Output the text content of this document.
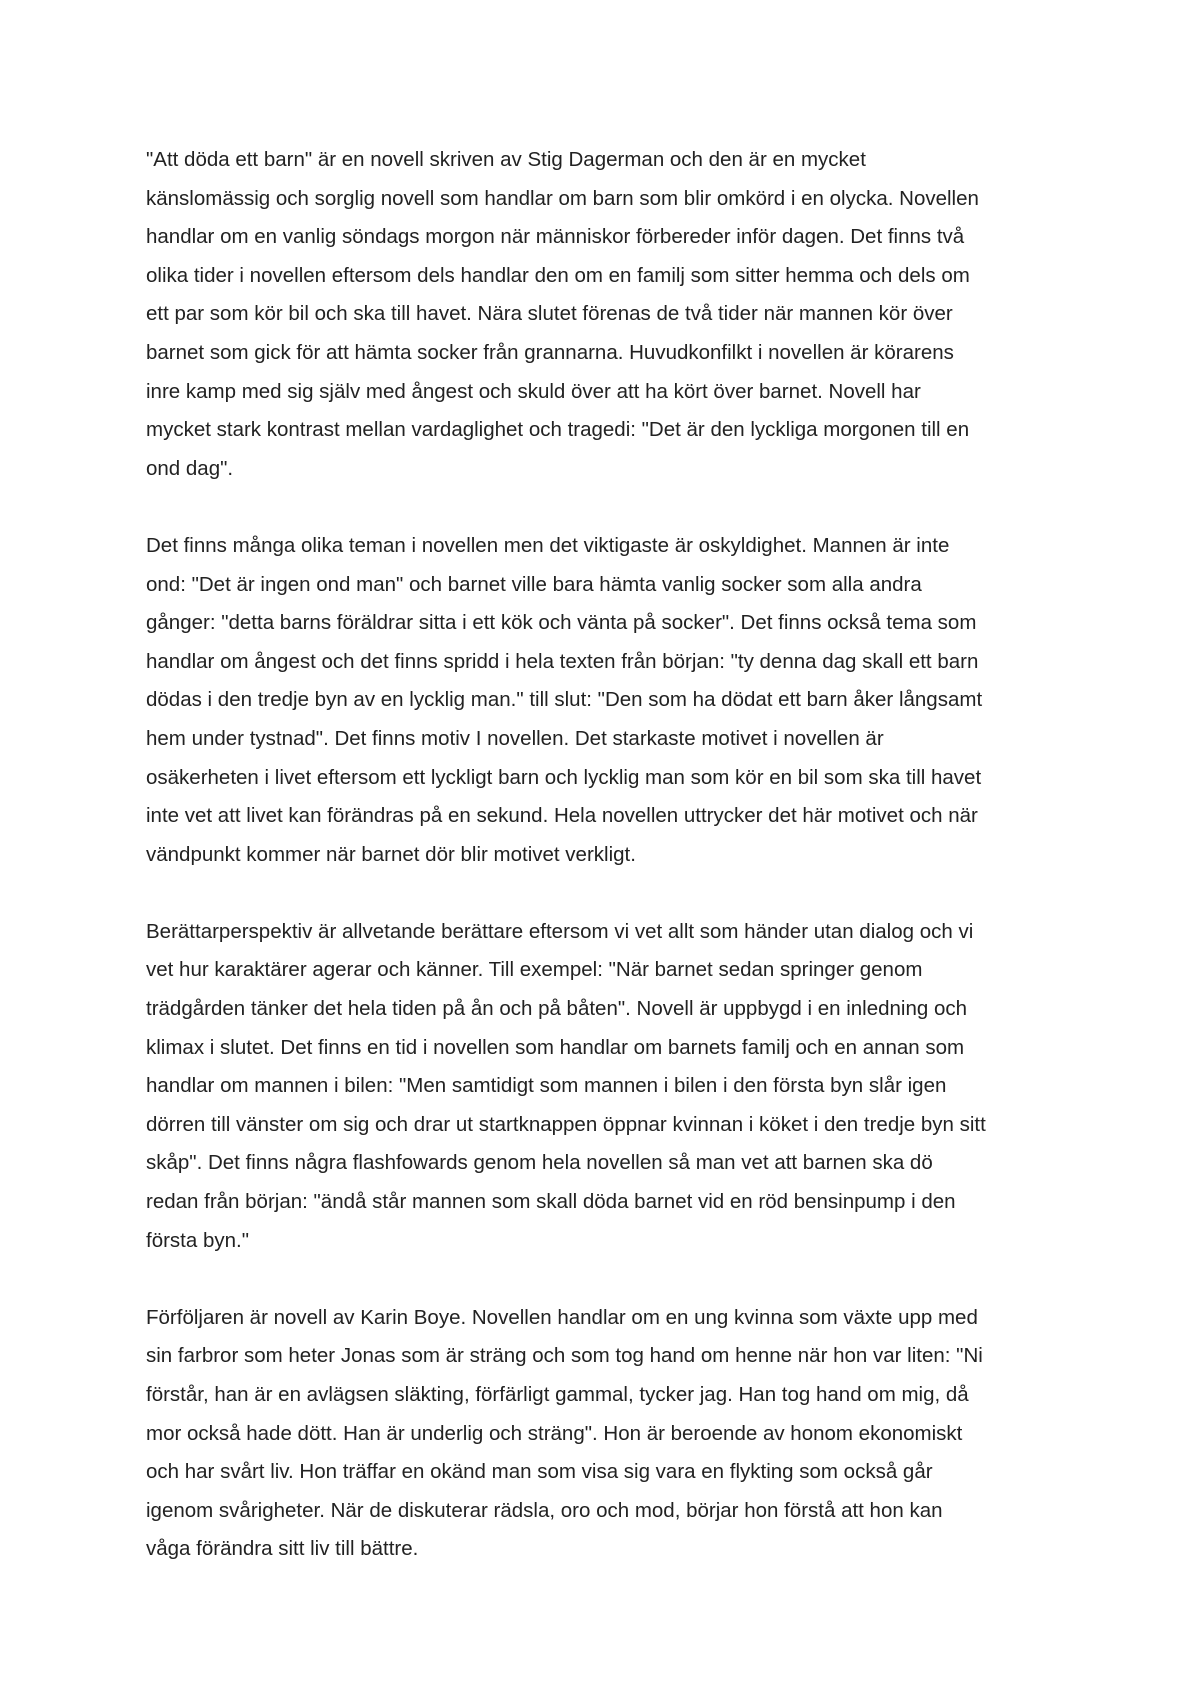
"Att döda ett barn" är en novell skriven av Stig Dagerman och den är en mycket
känslomässig och sorglig novell som handlar om barn som blir omkörd i en olycka. Novellen
handlar om en vanlig söndags morgon när människor förbereder inför dagen. Det finns två
olika tider i novellen eftersom dels handlar den om en familj som sitter hemma och dels om
ett par som kör bil och ska till havet. Nära slutet förenas de två tider när mannen kör över
barnet som gick för att hämta socker från grannarna. Huvudkonfilkt i novellen är körarens
inre kamp med sig själv med ångest och skuld över att ha kört över barnet. Novell har
mycket stark kontrast mellan vardaglighet och tragedi: "Det är den lyckliga morgonen till en
ond dag".

Det finns många olika teman i novellen men det viktigaste är oskyldighet. Mannen är inte
ond: "Det är ingen ond man" och barnet ville bara hämta vanlig socker som alla andra
gånger: "detta barns föräldrar sitta i ett kök och vänta på socker". Det finns också tema som
handlar om ångest och det finns spridd i hela texten från början: "ty denna dag skall ett barn
dödas i den tredje byn av en lycklig man." till slut: "Den som ha dödat ett barn åker långsamt
hem under tystnad". Det finns motiv I novellen. Det starkaste motivet i novellen är
osäkerheten i livet eftersom ett lyckligt barn och lycklig man som kör en bil som ska till havet
inte vet att livet kan förändras på en sekund. Hela novellen uttrycker det här motivet och när
vändpunkt kommer när barnet dör blir motivet verkligt.

Berättarperspektiv är allvetande berättare eftersom vi vet allt som händer utan dialog och vi
vet hur karaktärer agerar och känner. Till exempel: "När barnet sedan springer genom
trädgården tänker det hela tiden på ån och på båten". Novell är uppbygd i en inledning och
klimax i slutet. Det finns en tid i novellen som handlar om barnets familj och en annan som
handlar om mannen i bilen: "Men samtidigt som mannen i bilen i den första byn slår igen
dörren till vänster om sig och drar ut startknappen öppnar kvinnan i köket i den tredje byn sitt
skåp". Det finns några flashfowards genom hela novellen så man vet att barnen ska dö
redan från början: "ändå står mannen som skall döda barnet vid en röd bensinpump i den
första byn."

Förföljaren är novell av Karin Boye. Novellen handlar om en ung kvinna som växte upp med
sin farbror som heter Jonas som är sträng och som tog hand om henne när hon var liten: "Ni
förstår, han är en avlägsen släkting, förfärligt gammal, tycker jag. Han tog hand om mig, då
mor också hade dött. Han är underlig och sträng". Hon är beroende av honom ekonomiskt
och har svårt liv. Hon träffar en okänd man som visa sig vara en flykting som också går
igenom svårigheter. När de diskuterar rädsla, oro och mod, börjar hon förstå att hon kan
våga förändra sitt liv till bättre.
